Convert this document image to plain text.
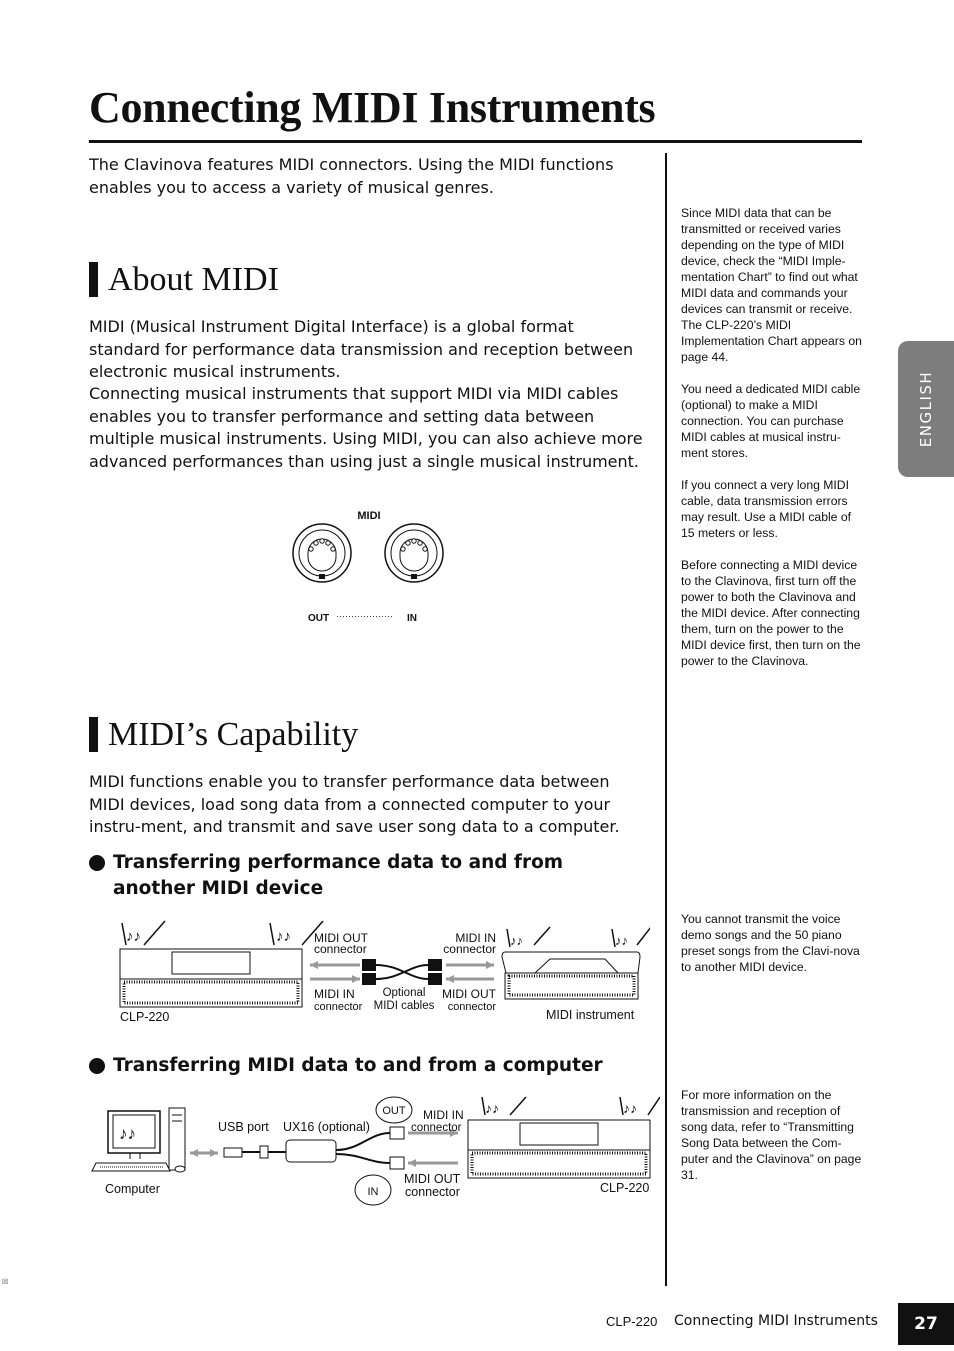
Connecting MIDI Instruments
The Clavinova features MIDI connectors. Using the MIDI functions enables you to access a variety of musical genres.
About MIDI
MIDI (Musical Instrument Digital Interface) is a global format standard for performance data transmission and reception between electronic musical instruments.
Connecting musical instruments that support MIDI via MIDI cables enables you to transfer performance and setting data between multiple musical instruments. Using MIDI, you can also achieve more advanced performances than using just a single musical instrument.
MIDI
OUT ··················· IN
MIDI’s Capability
MIDI functions enable you to transfer performance data between MIDI devices, load song data from a connected computer to your instru-ment, and transmit and save user song data to a computer.
Transferring performance data to and from another MIDI device
♪♪	♪♪	♪♪	♪♪
MIDI OUT
connector
MIDI IN
connector
MIDI IN
connector
Optional
MIDI cables
MIDI OUT
connector
CLP-220	MIDI instrument
Transferring MIDI data to and from a computer
♪♪
♪♪	♪♪
USB port UX16 (optional)
OUT
IN
MIDI IN
connector
MIDI OUT
connector
Computer	CLP-220

Since MIDI data that can be transmitted or received varies depending on the type of MIDI device, check the “MIDI Imple-mentation Chart” to find out what MIDI data and commands your devices can transmit or receive. The CLP-220’s MIDI Implementation Chart appears on page 44.

You need a dedicated MIDI cable (optional) to make a MIDI connection. You can purchase MIDI cables at musical instru-ment stores.

If you connect a very long MIDI cable, data transmission errors may result. Use a MIDI cable of 15 meters or less.

Before connecting a MIDI device to the Clavinova, first turn off the power to both the Clavinova and the MIDI device. After connecting them, turn on the power to the MIDI device first, then turn on the power to the Clavinova.

You cannot transmit the voice demo songs and the 50 piano preset songs from the Clavi-nova to another MIDI device.
For more information on the transmission and reception of song data, refer to “Transmitting Song Data between the Com-puter and the Clavinova” on page 31.
ENGLISH
☒
CLP-220 Connecting MIDI Instruments	27
